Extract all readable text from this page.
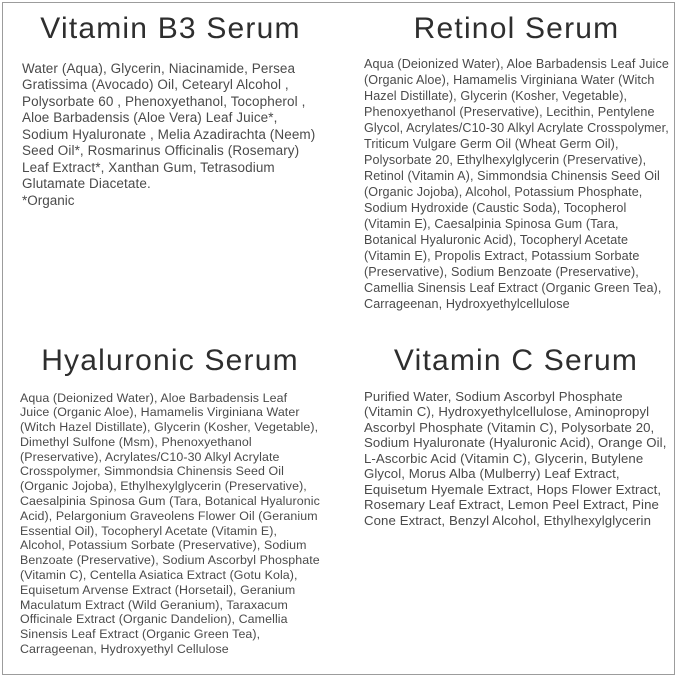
Vitamin B3 Serum

Water (Aqua), Glycerin, Niacinamide, Persea Gratissima (Avocado) Oil, Cetearyl Alcohol , Polysorbate 60 , Phenoxyethanol, Tocopherol , Aloe Barbadensis (Aloe Vera) Leaf Juice*, Sodium Hyaluronate , Melia Azadirachta (Neem) Seed Oil*, Rosmarinus Officinalis (Rosemary) Leaf Extract*, Xanthan Gum, Tetrasodium Glutamate Diacetate.

*Organic

Retinol Serum

Aqua (Deionized Water), Aloe Barbadensis Leaf Juice (Organic Aloe), Hamamelis Virginiana Water (Witch Hazel Distillate), Glycerin (Kosher, Vegetable), Phenoxyethanol (Preservative), Lecithin, Pentylene Glycol, Acrylates/C10-30 Alkyl Acrylate Crosspolymer, Triticum Vulgare Germ Oil (Wheat Germ Oil), Polysorbate 20, Ethylhexylglycerin (Preservative), Retinol (Vitamin A), Simmondsia Chinensis Seed Oil (Organic Jojoba), Alcohol, Potassium Phosphate, Sodium Hydroxide (Caustic Soda), Tocopherol (Vitamin E), Caesalpinia Spinosa Gum (Tara, Botanical Hyaluronic Acid), Tocopheryl Acetate (Vitamin E), Propolis Extract, Potassium Sorbate (Preservative), Sodium Benzoate (Preservative), Camellia Sinensis Leaf Extract (Organic Green Tea), Carrageenan, Hydroxyethylcellulose

Hyaluronic Serum

Aqua (Deionized Water), Aloe Barbadensis Leaf Juice (Organic Aloe), Hamamelis Virginiana Water (Witch Hazel Distillate), Glycerin (Kosher, Vegetable), Dimethyl Sulfone (Msm), Phenoxyethanol (Preservative), Acrylates/C10-30 Alkyl Acrylate Crosspolymer, Simmondsia Chinensis Seed Oil (Organic Jojoba), Ethylhexylglycerin (Preservative), Caesalpinia Spinosa Gum (Tara, Botanical Hyaluronic Acid), Pelargonium Graveolens Flower Oil (Geranium Essential Oil), Tocopheryl Acetate (Vitamin E), Alcohol, Potassium Sorbate (Preservative), Sodium Benzoate (Preservative), Sodium Ascorbyl Phosphate (Vitamin C), Centella Asiatica Extract (Gotu Kola), Equisetum Arvense Extract (Horsetail), Geranium Maculatum Extract (Wild Geranium), Taraxacum Officinale Extract (Organic Dandelion), Camellia Sinensis Leaf Extract (Organic Green Tea), Carrageenan, Hydroxyethyl Cellulose

Vitamin C Serum

Purified Water, Sodium Ascorbyl Phosphate (Vitamin C), Hydroxyethylcellulose, Aminopropyl Ascorbyl Phosphate (Vitamin C), Polysorbate 20, Sodium Hyaluronate (Hyaluronic Acid), Orange Oil, L-Ascorbic Acid (Vitamin C), Glycerin, Butylene Glycol, Morus Alba (Mulberry) Leaf Extract, Equisetum Hyemale Extract, Hops Flower Extract, Rosemary Leaf Extract, Lemon Peel Extract, Pine Cone Extract, Benzyl Alcohol, Ethylhexylglycerin
